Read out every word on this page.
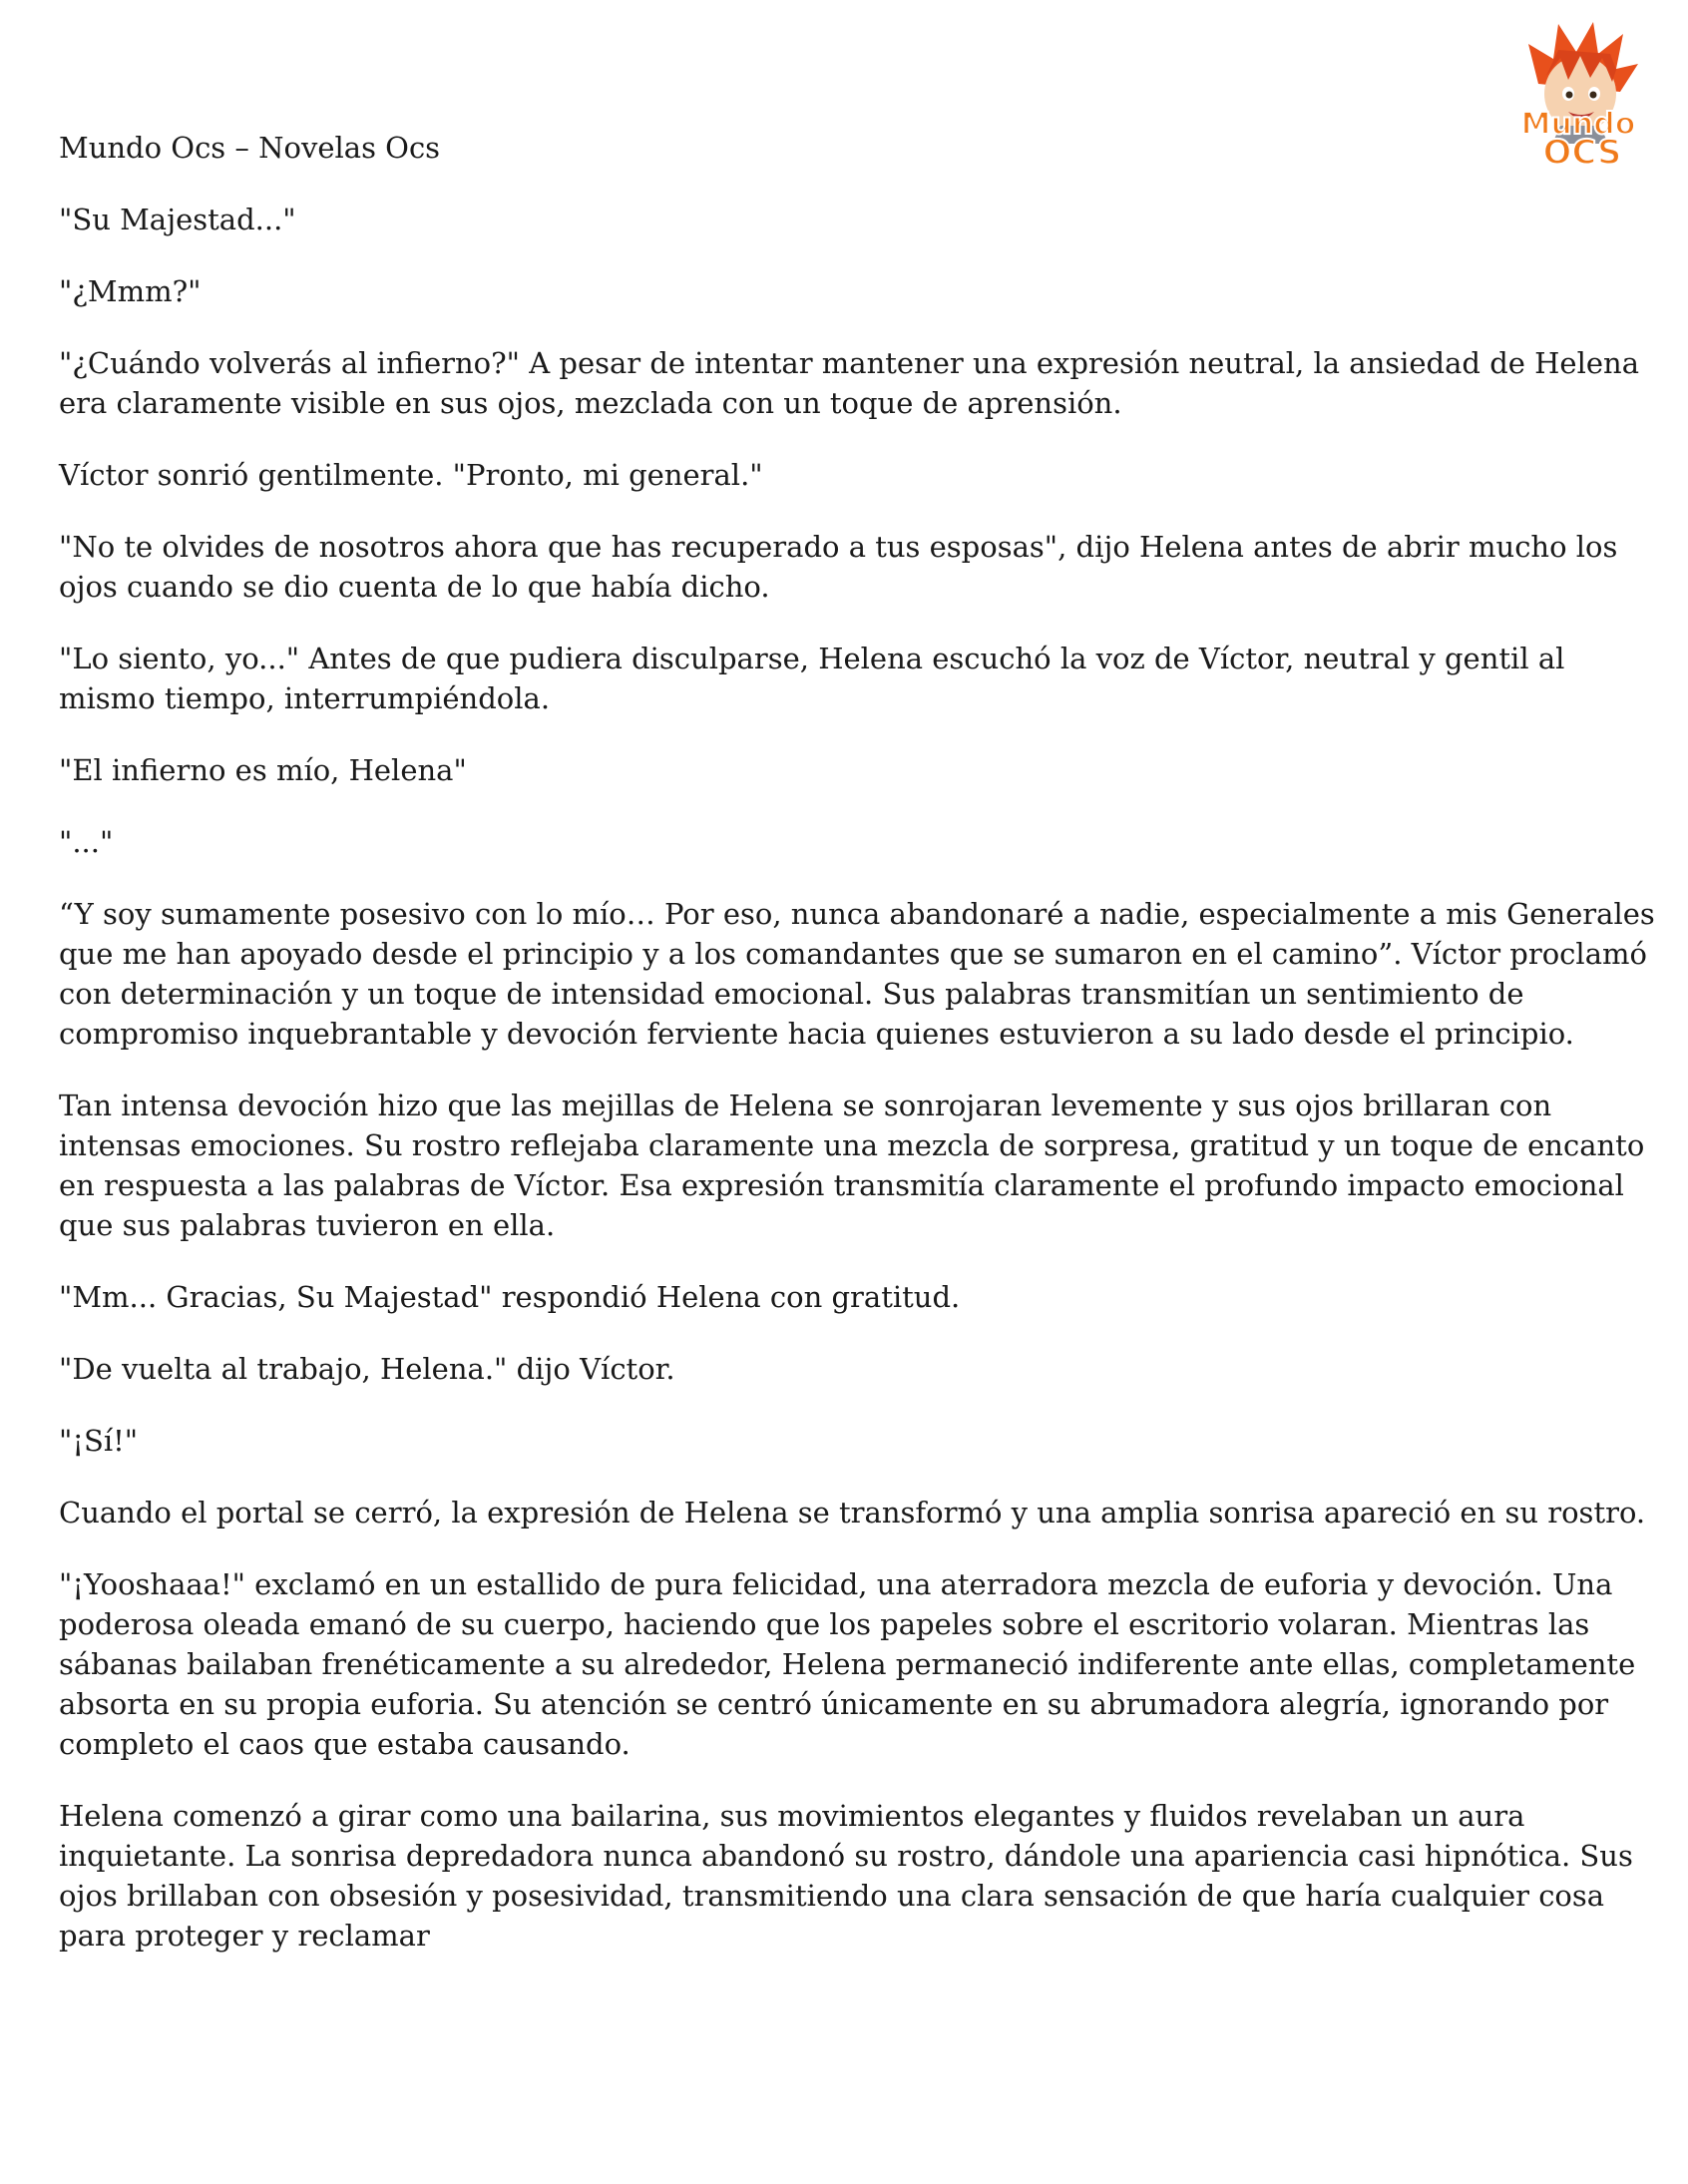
Mundo
OCS

Mundo Ocs – Novelas Ocs

"Su Majestad..."

"¿Mmm?"

"¿Cuándo volverás al infierno?" A pesar de intentar mantener una expresión neutral, la ansiedad de Helena era claramente visible en sus ojos, mezclada con un toque de aprensión.

Víctor sonrió gentilmente. "Pronto, mi general."

"No te olvides de nosotros ahora que has recuperado a tus esposas", dijo Helena antes de abrir mucho los ojos cuando se dio cuenta de lo que había dicho.

"Lo siento, yo..." Antes de que pudiera disculparse, Helena escuchó la voz de Víctor, neutral y gentil al mismo tiempo, interrumpiéndola.

"El infierno es mío, Helena"

"..."

“Y soy sumamente posesivo con lo mío… Por eso, nunca abandonaré a nadie, especialmente a mis Generales que me han apoyado desde el principio y a los comandantes que se sumaron en el camino”. Víctor proclamó con determinación y un toque de intensidad emocional. Sus palabras transmitían un sentimiento de compromiso inquebrantable y devoción ferviente hacia quienes estuvieron a su lado desde el principio.

Tan intensa devoción hizo que las mejillas de Helena se sonrojaran levemente y sus ojos brillaran con intensas emociones. Su rostro reflejaba claramente una mezcla de sorpresa, gratitud y un toque de encanto en respuesta a las palabras de Víctor. Esa expresión transmitía claramente el profundo impacto emocional que sus palabras tuvieron en ella.

"Mm... Gracias, Su Majestad" respondió Helena con gratitud.

"De vuelta al trabajo, Helena." dijo Víctor.

"¡Sí!"

Cuando el portal se cerró, la expresión de Helena se transformó y una amplia sonrisa apareció en su rostro.

"¡Yooshaaa!" exclamó en un estallido de pura felicidad, una aterradora mezcla de euforia y devoción. Una poderosa oleada emanó de su cuerpo, haciendo que los papeles sobre el escritorio volaran. Mientras las sábanas bailaban frenéticamente a su alrededor, Helena permaneció indiferente ante ellas, completamente absorta en su propia euforia. Su atención se centró únicamente en su abrumadora alegría, ignorando por completo el caos que estaba causando.

Helena comenzó a girar como una bailarina, sus movimientos elegantes y fluidos revelaban un aura inquietante. La sonrisa depredadora nunca abandonó su rostro, dándole una apariencia casi hipnótica. Sus ojos brillaban con obsesión y posesividad, transmitiendo una clara sensación de que haría cualquier cosa para proteger y reclamar
